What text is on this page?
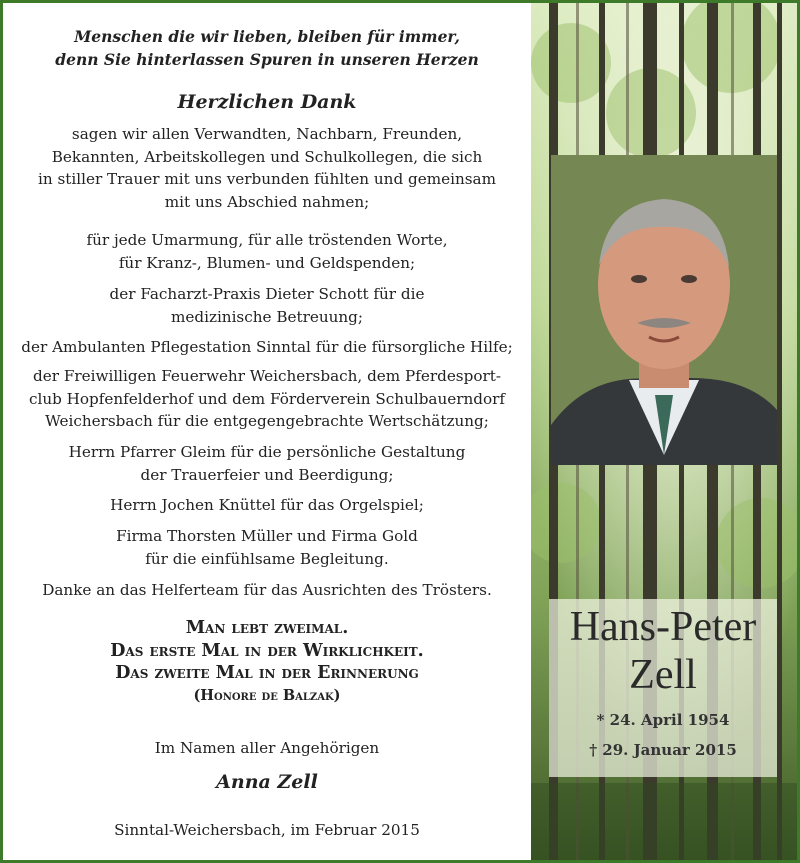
Menschen die wir lieben, bleiben für immer,
denn Sie hinterlassen Spuren in unseren Herzen
Herzlichen Dank
sagen wir allen Verwandten, Nachbarn, Freunden,
Bekannten, Arbeitskollegen und Schulkollegen, die sich
in stiller Trauer mit uns verbunden fühlten und gemeinsam
mit uns Abschied nahmen;
für jede Umarmung, für alle tröstenden Worte,
für Kranz-, Blumen- und Geldspenden;
der Facharzt-Praxis Dieter Schott für die
medizinische Betreuung;
der Ambulanten Pflegestation Sinntal für die fürsorgliche Hilfe;
der Freiwilligen Feuerwehr Weichersbach, dem Pferdesport-
club Hopfenfelderhof und dem Förderverein Schulbauerndorf
Weichersbach für die entgegengebrachte Wertschätzung;
Herrn Pfarrer Gleim für die persönliche Gestaltung
der Trauerfeier und Beerdigung;
Herrn Jochen Knüttel für das Orgelspiel;
Firma Thorsten Müller und Firma Gold
für die einfühlsame Begleitung.
Danke an das Helferteam für das Ausrichten des Trösters.
Man lebt zweimal.
Das erste Mal in der Wirklichkeit.
Das zweite Mal in der Erinnerung
(Honore de Balzak)
Im Namen aller Angehörigen
Anna Zell
Sinntal-Weichersbach, im Februar 2015
Hans-Peter
Zell
* 24. April 1954
† 29. Januar 2015
